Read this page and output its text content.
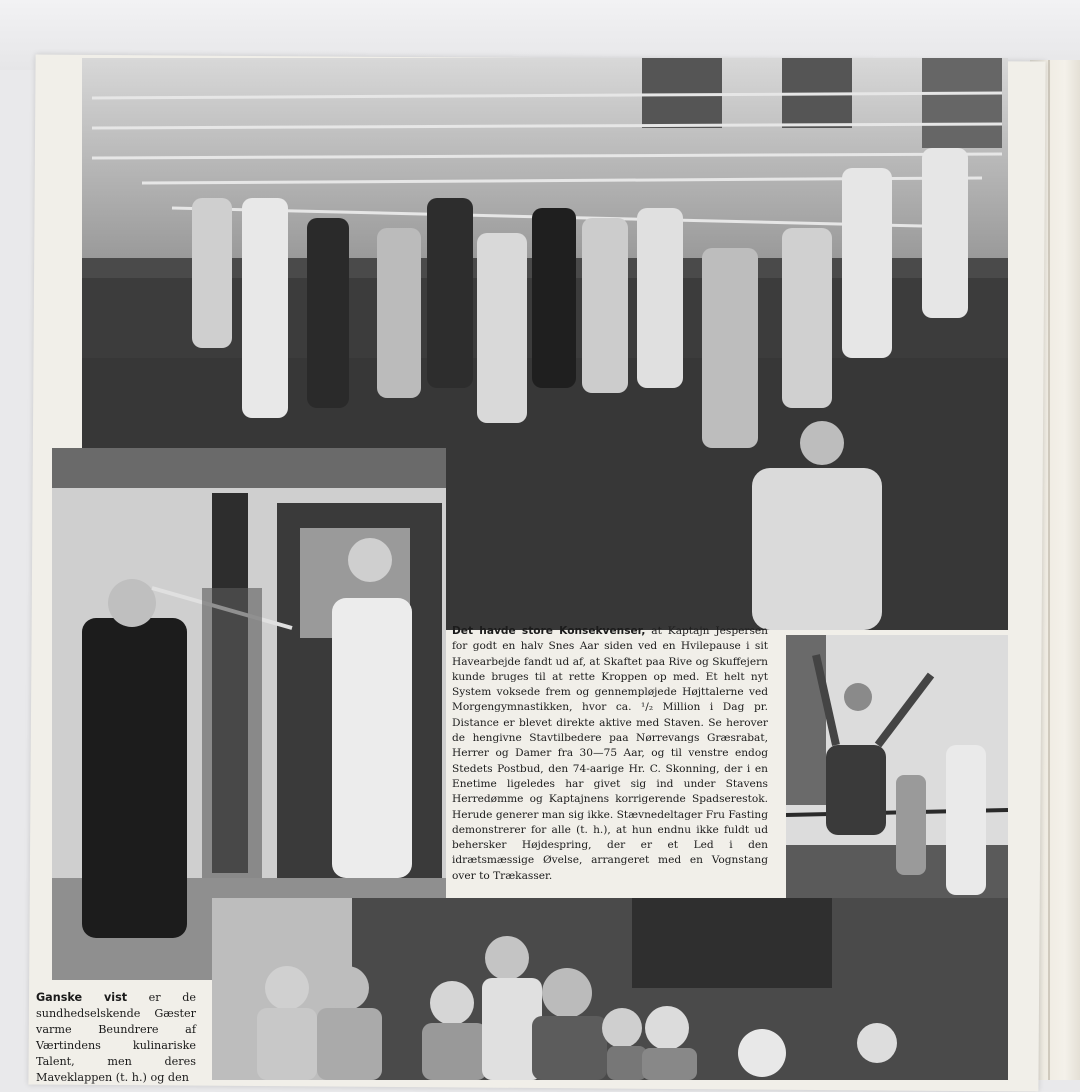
Det havde store Konsekvenser, at Kaptajn Jespersen for godt en halv Snes Aar siden ved en Hvilepause i sit Havearbejde fandt ud af, at Skaftet paa Rive og Skuffejern kunde bruges til at rette Kroppen op med. Et helt nyt System voksede frem og gennempløjede Højttalerne ved Morgengymnastikken, hvor ca. ¹/₂ Million i Dag pr. Distance er blevet direkte aktive med Staven. Se herover de hengivne Stavtilbedere paa Nørrevangs Græsrabat, Herrer og Damer fra 30—75 Aar, og til venstre endog Stedets Postbud, den 74-aarige Hr. C. Skonning, der i en Enetime ligeledes har givet sig ind under Stavens Herredømme og Kaptajnens korrigerende Spadserestok. Herude generer man sig ikke. Stævnedeltager Fru Fasting demonstrerer for alle (t. h.), at hun endnu ikke fuldt ud behersker Højdespring, der er et Led i den idrætsmæssige Øvelse, arrangeret med en Vognstang over to Trækasser.
Ganske vist er de sundhedselskende Gæster varme Beundrere af Værtindens kulinariske Talent, men deres Maveklappen (t. h.) og den
